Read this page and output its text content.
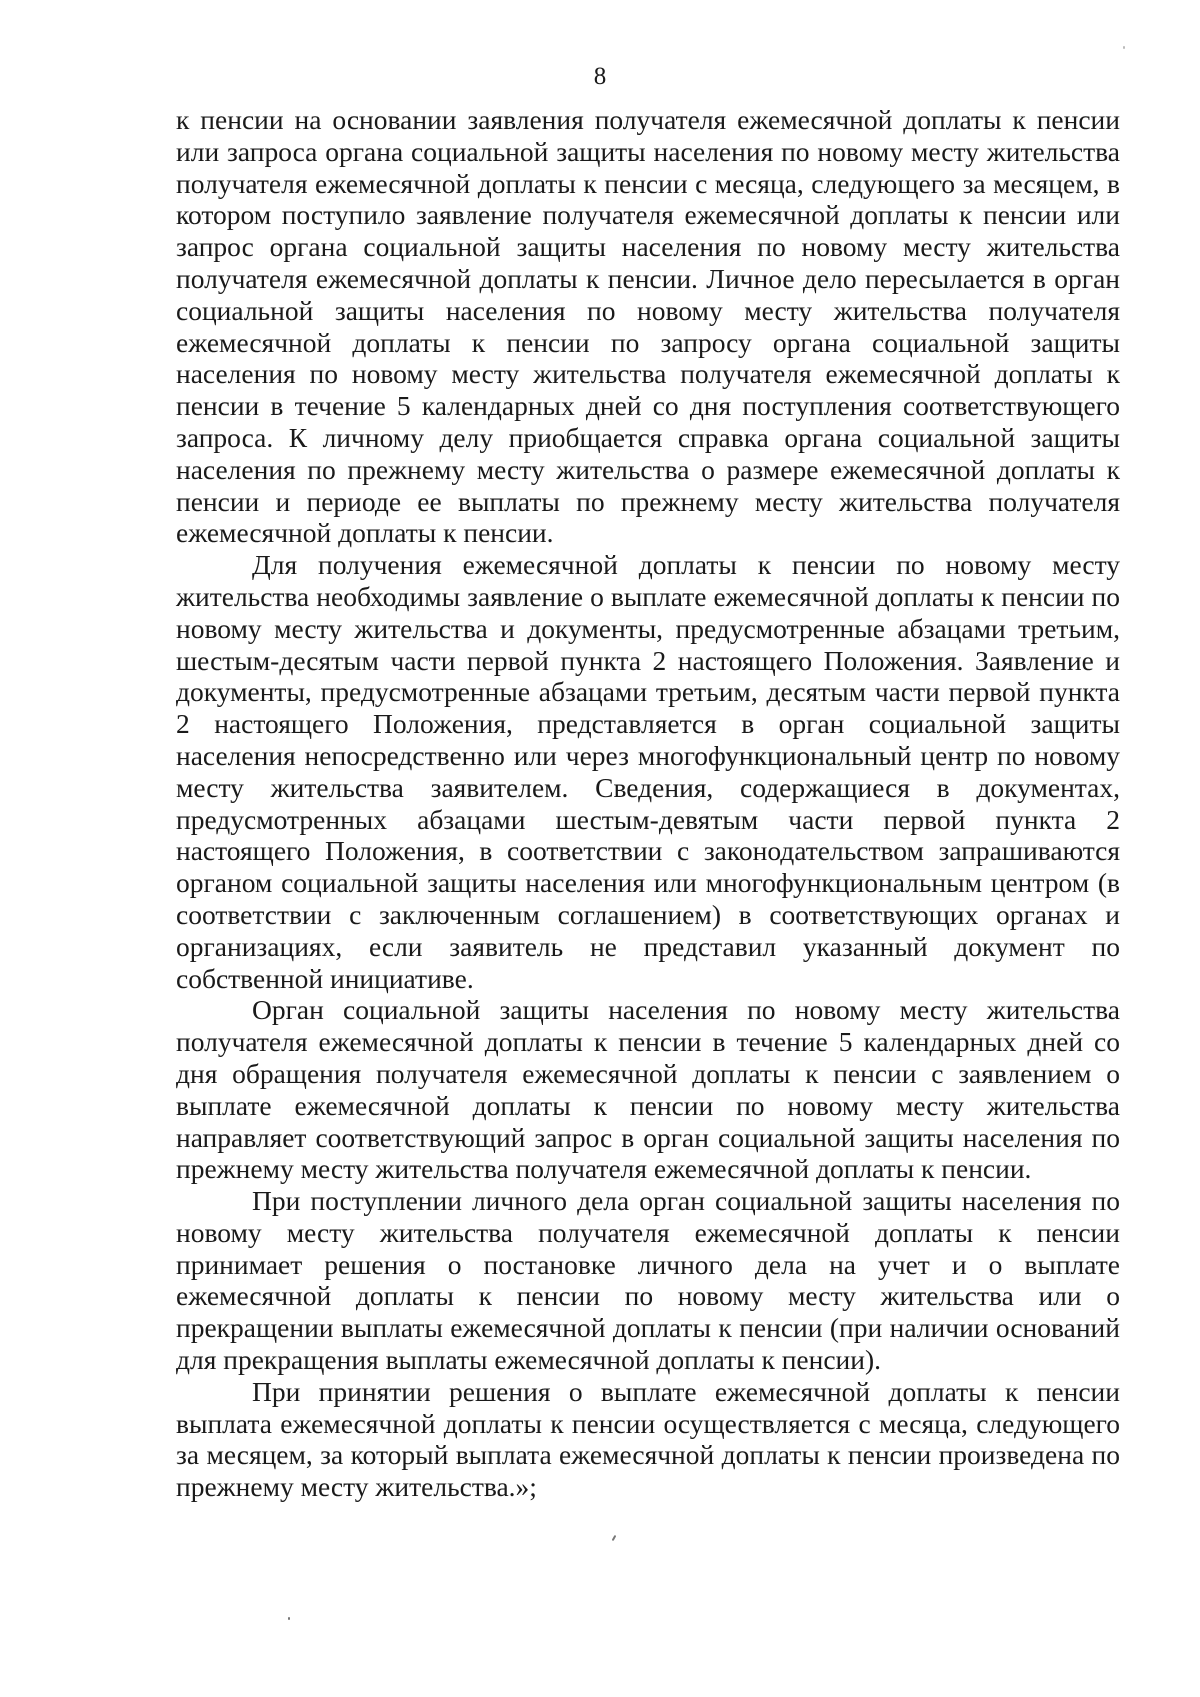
8

к пенсии на основании заявления получателя ежемесячной доплаты к пенсии или запроса органа социальной защиты населения по новому месту жительства получателя ежемесячной доплаты к пенсии с месяца, следующего за месяцем, в котором поступило заявление получателя ежемесячной доплаты к пенсии или запрос органа социальной защиты населения по новому месту жительства получателя ежемесячной доплаты к пенсии. Личное дело пересылается в орган социальной защиты населения по новому месту жительства получателя ежемесячной доплаты к пенсии по запросу органа социальной защиты населения по новому месту жительства получателя ежемесячной доплаты к пенсии в течение 5 календарных дней со дня поступления соответствующего запроса. К личному делу приобщается справка органа социальной защиты населения по прежнему месту жительства о размере ежемесячной доплаты к пенсии и периоде ее выплаты по прежнему месту жительства получателя ежемесячной доплаты к пенсии.

Для получения ежемесячной доплаты к пенсии по новому месту жительства необходимы заявление о выплате ежемесячной доплаты к пенсии по новому месту жительства и документы, предусмотренные абзацами третьим, шестым-десятым части первой пункта 2 настоящего Положения. Заявление и документы, предусмотренные абзацами третьим, десятым части первой пункта 2 настоящего Положения, представляется в орган социальной защиты населения непосредственно или через многофункциональный центр по новому месту жительства заявителем. Сведения, содержащиеся в документах, предусмотренных абзацами шестым-девятым части первой пункта 2 настоящего Положения, в соответствии с законодательством запрашиваются органом социальной защиты населения или многофункциональным центром (в соответствии с заключенным соглашением) в соответствующих органах и организациях, если заявитель не представил указанный документ по собственной инициативе.

Орган социальной защиты населения по новому месту жительства получателя ежемесячной доплаты к пенсии в течение 5 календарных дней со дня обращения получателя ежемесячной доплаты к пенсии с заявлением о выплате ежемесячной доплаты к пенсии по новому месту жительства направляет соответствующий запрос в орган социальной защиты населения по прежнему месту жительства получателя ежемесячной доплаты к пенсии.

При поступлении личного дела орган социальной защиты населения по новому месту жительства получателя ежемесячной доплаты к пенсии принимает решения о постановке личного дела на учет и о выплате ежемесячной доплаты к пенсии по новому месту жительства или о прекращении выплаты ежемесячной доплаты к пенсии (при наличии оснований для прекращения выплаты ежемесячной доплаты к пенсии).

При принятии решения о выплате ежемесячной доплаты к пенсии выплата ежемесячной доплаты к пенсии осуществляется с месяца, следующего за месяцем, за который выплата ежемесячной доплаты к пенсии произведена по прежнему месту жительства.»;
